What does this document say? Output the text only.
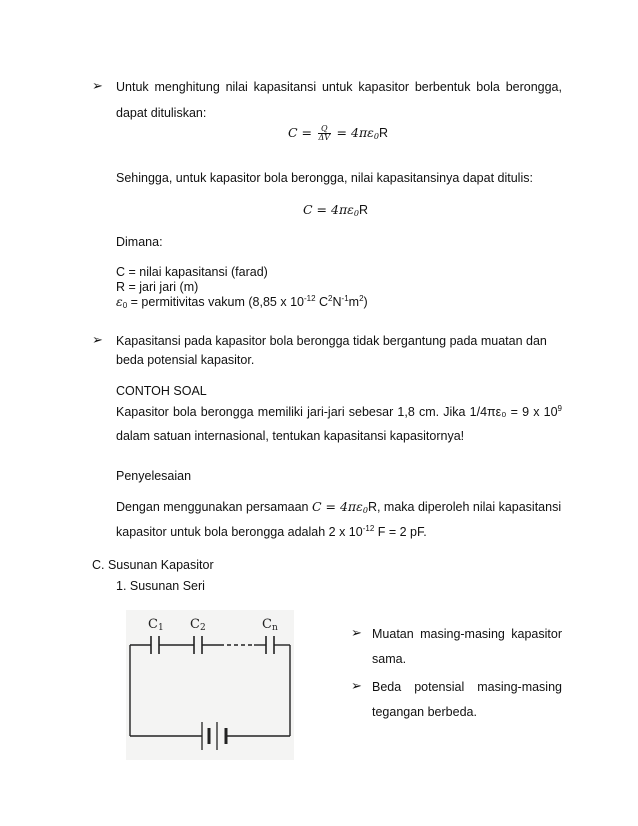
➢ Untuk menghitung nilai kapasitansi untuk kapasitor berbentuk bola berongga,
dapat dituliskan:
$C = \frac{Q}{\Delta V} = 4\pi\varepsilon_0R$
Sehingga, untuk kapasitor bola berongga, nilai kapasitansinya dapat ditulis:
$C = 4\pi\varepsilon_0R$
Dimana:
C = nilai kapasitansi (farad)
R = jari jari (m)
$\varepsilon_0$ = permitivitas vakum (8,85 x $10^{-12}$ $C^2N^{-1}m^2$)
➢ Kapasitansi pada kapasitor bola berongga tidak bergantung pada muatan dan
beda potensial kapasitor.
CONTOH SOAL
Kapasitor bola berongga memiliki jari-jari sebesar 1,8 cm. Jika 1/4πε₀ = 9 x $10^9$
dalam satuan internasional, tentukan kapasitansi kapasitornya!
Penyelesaian
Dengan menggunakan persamaan $C = 4\pi\varepsilon_0R$, maka diperoleh nilai kapasitansi
kapasitor untuk bola berongga adalah 2 x $10^{-12}$ F = 2 pF.
C. Susunan Kapasitor
1. Susunan Seri
C1 C2	Cn	➢ Muatan masing-masing kapasitor
sama.
➢ Beda potensial masing-masing
tegangan berbeda.
